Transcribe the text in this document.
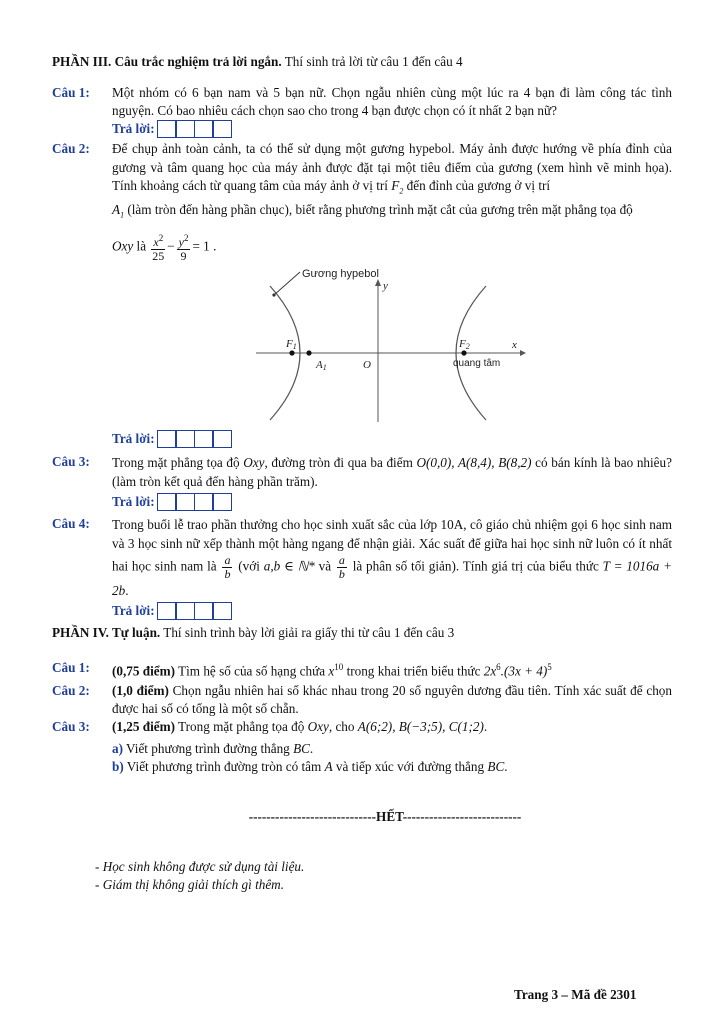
PHẦN III. Câu trắc nghiệm trả lời ngắn. Thí sinh trả lời từ câu 1 đến câu 4
Câu 1:	Một nhóm có 6 bạn nam và 5 bạn nữ. Chọn ngẫu nhiên cùng một lúc ra 4 bạn đi làm công tác tình nguyện. Có bao nhiêu cách chọn sao cho trong 4 bạn được chọn có ít nhất 2 bạn nữ?
Trả lời:
Câu 2:	Để chụp ảnh toàn cảnh, ta có thể sử dụng một gương hypebol. Máy ảnh được hướng về phía đỉnh của gương và tâm quang học của máy ảnh được đặt tại một tiêu điểm của gương (xem hình vẽ minh họa). Tính khoảng cách từ quang tâm của máy ảnh ở vị trí $F_2$ đến đỉnh của gương ở vị trí
$A_1$ (làm tròn đến hàng phần chục), biết rằng phương trình mặt cắt của gương trên mặt phẳng tọa độ
Oxy là $\frac{x^2}{25} - \frac{y^2}{9} = 1$ .
Gương hypebol
F1
A1	O
F2
quang tâm
y
x
Trả lời:
Câu 3:	Trong mặt phẳng tọa độ Oxy, đường tròn đi qua ba điểm O(0,0), A(8,4), B(8,2) có bán kính là bao nhiêu? (làm tròn kết quả đến hàng phần trăm).
Trả lời:
Câu 4:	Trong buổi lễ trao phần thưởng cho học sinh xuất sắc của lớp 10A, cô giáo chủ nhiệm gọi 6 học sinh nam và 3 học sinh nữ xếp thành một hàng ngang để nhận giải. Xác suất để giữa hai học sinh nữ luôn có ít nhất hai học sinh nam là $\frac{a}{b}$ (với a,b ∈ ℕ* và $\frac{a}{b}$ là phân số tối giản). Tính giá trị của biểu thức T = 1016a + 2b.
Trả lời:
PHẦN IV. Tự luận. Thí sinh trình bày lời giải ra giấy thi từ câu 1 đến câu 3
Câu 1:	(0,75 điểm) Tìm hệ số của số hạng chứa $x^{10}$ trong khai triển biểu thức $2x^6.(3x + 4)^5$
Câu 2:	(1,0 điểm) Chọn ngẫu nhiên hai số khác nhau trong 20 số nguyên dương đầu tiên. Tính xác suất để chọn được hai số có tổng là một số chẵn.
Câu 3:	(1,25 điểm) Trong mặt phẳng tọa độ Oxy, cho A(6;2), B(−3;5), C(1;2).
a) Viết phương trình đường thẳng BC.
b) Viết phương trình đường tròn có tâm A và tiếp xúc với đường thẳng BC.
-----------------------------HẾT---------------------------
- Học sinh không được sử dụng tài liệu.
- Giám thị không giải thích gì thêm.
Trang 3 – Mã đề 2301
